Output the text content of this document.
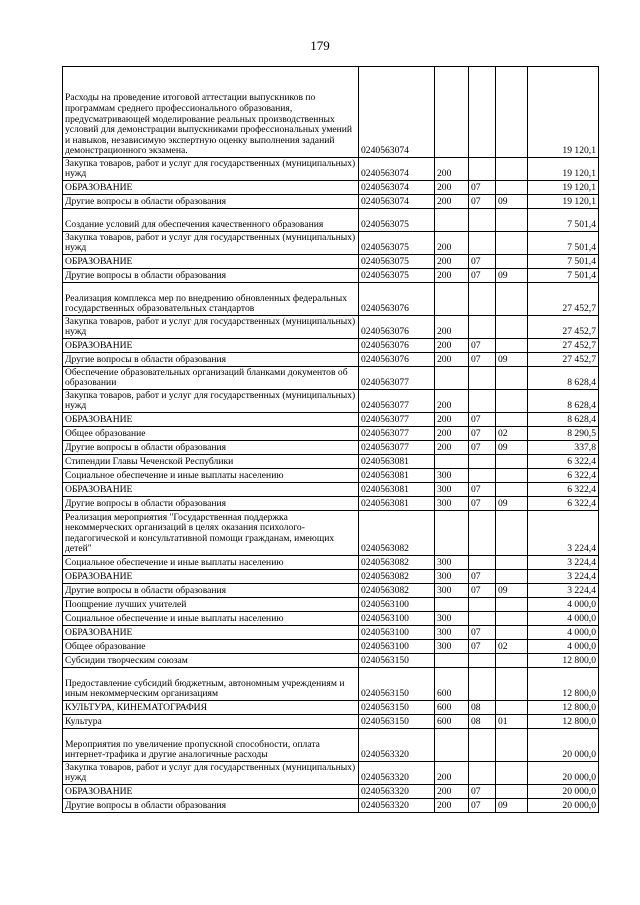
179
Расходы на проведение итоговой аттестации выпускников по программам среднего профессионального образования, предусматривающей моделирование реальных производственных условий для демонстрации выпускниками профессиональных умений и навыков, независимую экспертную оценку выполнения заданий демонстрационного экзамена.	0240563074				19 120,1
Закупка товаров, работ и услуг для государственных (муниципальных) нужд	0240563074	200			19 120,1
ОБРАЗОВАНИЕ	0240563074	200	07		19 120,1
Другие вопросы в области образования	0240563074	200	07	09	19 120,1
Создание условий для обеспечения качественного образования	0240563075				7 501,4
Закупка товаров, работ и услуг для государственных (муниципальных) нужд	0240563075	200			7 501,4
ОБРАЗОВАНИЕ	0240563075	200	07		7 501,4
Другие вопросы в области образования	0240563075	200	07	09	7 501,4
Реализация комплекса мер по внедрению обновленных федеральных государственных образовательных стандартов	0240563076				27 452,7
Закупка товаров, работ и услуг для государственных (муниципальных) нужд	0240563076	200			27 452,7
ОБРАЗОВАНИЕ	0240563076	200	07		27 452,7
Другие вопросы в области образования	0240563076	200	07	09	27 452,7
Обеспечение образовательных организаций бланками документов об образовании	0240563077				8 628,4
Закупка товаров, работ и услуг для государственных (муниципальных) нужд	0240563077	200			8 628,4
ОБРАЗОВАНИЕ	0240563077	200	07		8 628,4
Общее образование	0240563077	200	07	02	8 290,5
Другие вопросы в области образования	0240563077	200	07	09	337,8
Стипендии Главы Чеченской Республики	0240563081				6 322,4
Социальное обеспечение и иные выплаты населению	0240563081	300			6 322,4
ОБРАЗОВАНИЕ	0240563081	300	07		6 322,4
Другие вопросы в области образования	0240563081	300	07	09	6 322,4
Реализация мероприятия "Государственная поддержка некоммерческих организаций в целях оказания психолого-педагогической и консультативной помощи гражданам, имеющих детей"	0240563082				3 224,4
Социальное обеспечение и иные выплаты населению	0240563082	300			3 224,4
ОБРАЗОВАНИЕ	0240563082	300	07		3 224,4
Другие вопросы в области образования	0240563082	300	07	09	3 224,4
Поощрение лучших учителей	0240563100				4 000,0
Социальное обеспечение и иные выплаты населению	0240563100	300			4 000,0
ОБРАЗОВАНИЕ	0240563100	300	07		4 000,0
Общее образование	0240563100	300	07	02	4 000,0
Субсидии творческим союзам	0240563150				12 800,0
Предоставление субсидий бюджетным, автономным учреждениям и иным некоммерческим организациям	0240563150	600			12 800,0
КУЛЬТУРА, КИНЕМАТОГРАФИЯ	0240563150	600	08		12 800,0
Культура	0240563150	600	08	01	12 800,0
Мероприятия по увеличение пропускной способности, оплата интернет-трафика и другие аналогичные расходы	0240563320				20 000,0
Закупка товаров, работ и услуг для государственных (муниципальных) нужд	0240563320	200			20 000,0
ОБРАЗОВАНИЕ	0240563320	200	07		20 000,0
Другие вопросы в области образования	0240563320	200	07	09	20 000,0
